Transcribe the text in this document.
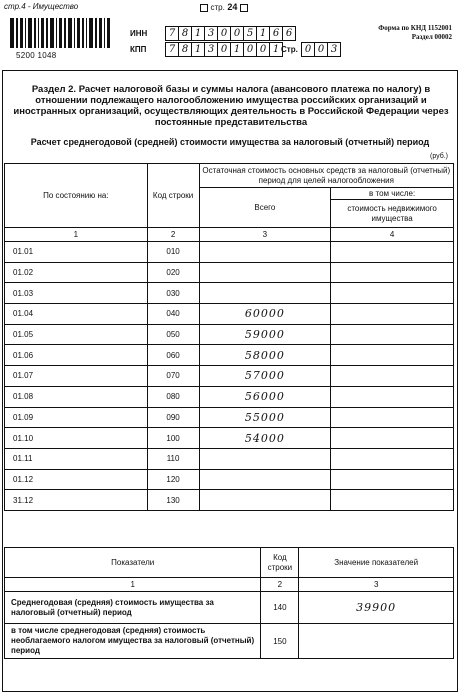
стр.4 - Имущество	стр. 24
5200 1048
ИНН	7 8 1 3 0 0 5 1 6 6
КПП	7 8 1 3 0 1 0 0 1 Стр. 0 0 3
Форма по КНД 1152001
Раздел 00002
Раздел 2. Расчет налоговой базы и суммы налога (авансового платежа по налогу) в отношении подлежащего налогообложению имущества российских организаций и иностранных организаций, осуществляющих деятельность в Российской Федерации через постоянные представительства
Расчет среднегодовой (средней) стоимости имущества за налоговый (отчетный) период
(руб.)
По состоянию на:	Код строки	Остаточная стоимость основных средств за налоговый (отчетный) период для целей налогообложения	
		Всего	в том числе:
			стоимость недвижимого имущества
1	2	3	4
01.01	010		
01.02	020		
01.03	030		
01.04	040	60000	
01.05	050	59000	
01.06	060	58000	
01.07	070	57000	
01.08	080	56000	
01.09	090	55000	
01.10	100	54000	
01.11	110		
01.12	120		
31.12	130		
Показатели	Код строки	Значение показателей
1	2	3
Среднегодовая (средняя) стоимость имущества за налоговый (отчетный) период	140	39900
в том числе среднегодовая (средняя) стоимость необлагаемого налогом имущества за налоговый (отчетный) период	150	
